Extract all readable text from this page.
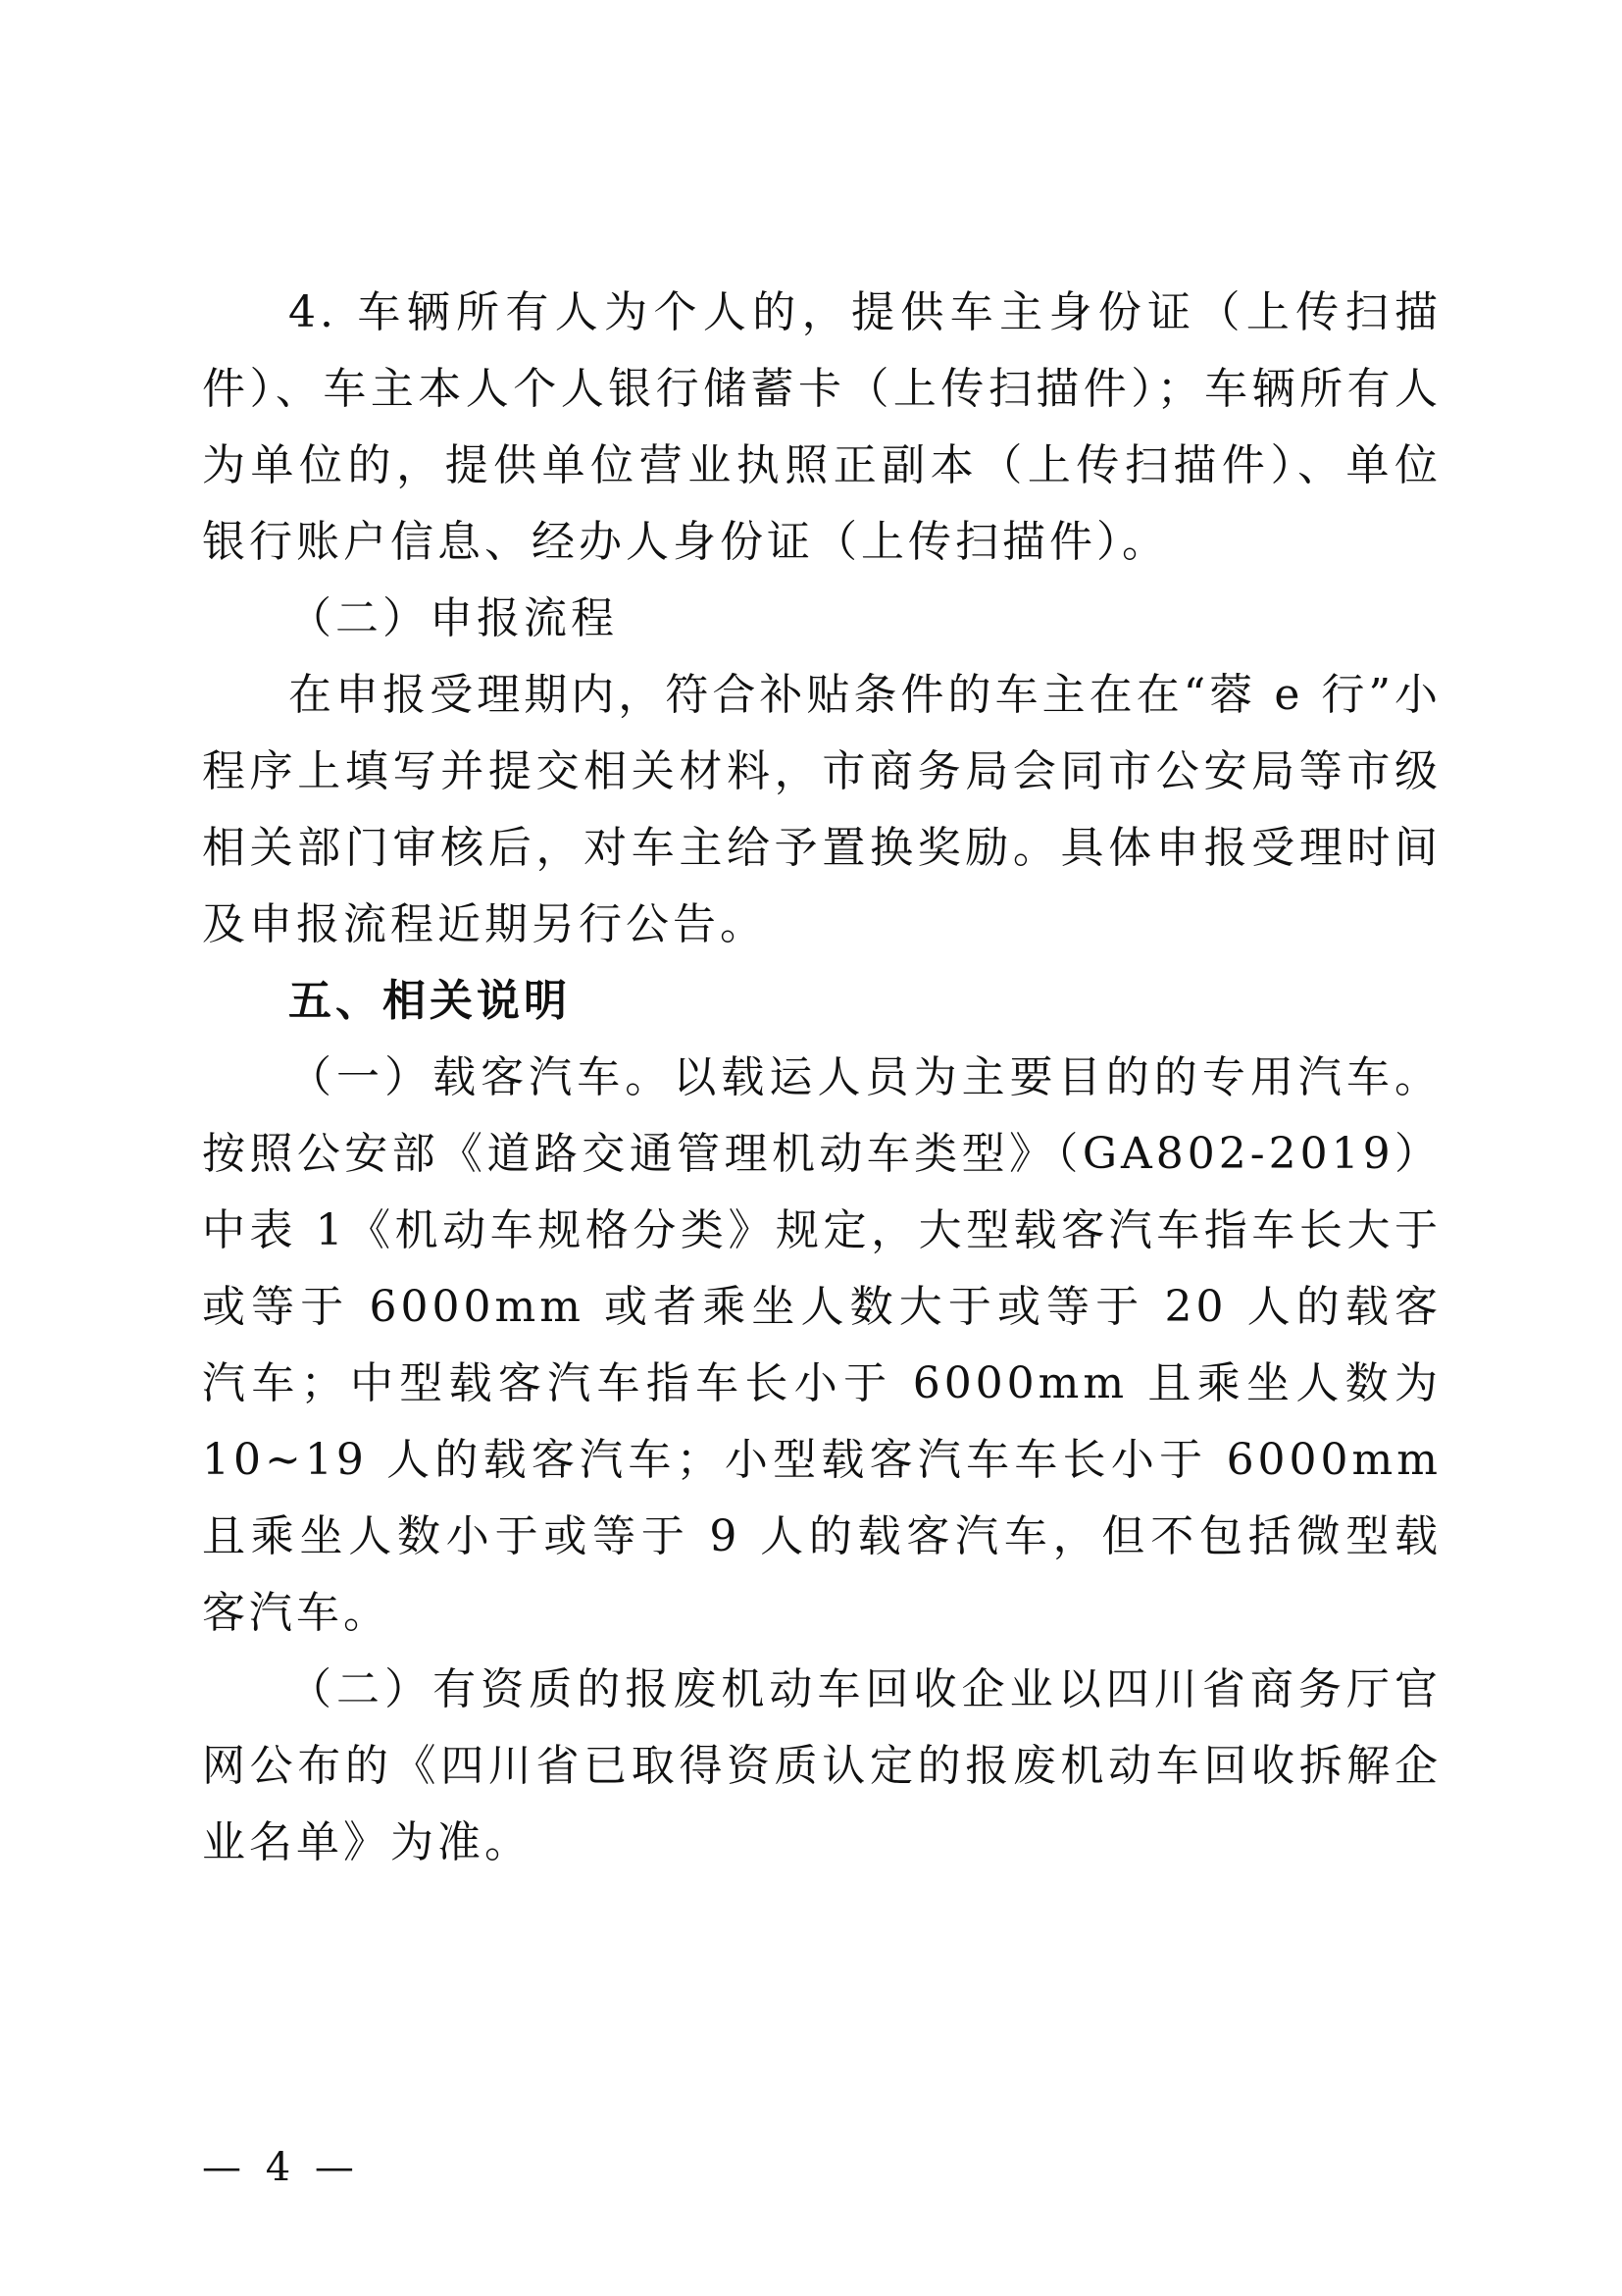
4. 车辆所有人为个人的，提供车主身份证（上传扫描件）、车主本人个人银行储蓄卡（上传扫描件）；车辆所有人为单位的，提供单位营业执照正副本（上传扫描件）、单位银行账户信息、经办人身份证（上传扫描件）。

（二）申报流程

在申报受理期内，符合补贴条件的车主在在“蓉 e 行”小程序上填写并提交相关材料，市商务局会同市公安局等市级相关部门审核后，对车主给予置换奖励。具体申报受理时间及申报流程近期另行公告。

五、相关说明

（一）载客汽车。以载运人员为主要目的的专用汽车。按照公安部《道路交通管理机动车类型》（GA802-2019）中表 1《机动车规格分类》规定，大型载客汽车指车长大于或等于 6000mm 或者乘坐人数大于或等于 20 人的载客汽车；中型载客汽车指车长小于 6000mm 且乘坐人数为 10~19 人的载客汽车；小型载客汽车车长小于 6000mm 且乘坐人数小于或等于 9 人的载客汽车，但不包括微型载客汽车。

（二）有资质的报废机动车回收企业以四川省商务厅官网公布的《四川省已取得资质认定的报废机动车回收拆解企业名单》为准。

— 4 —
